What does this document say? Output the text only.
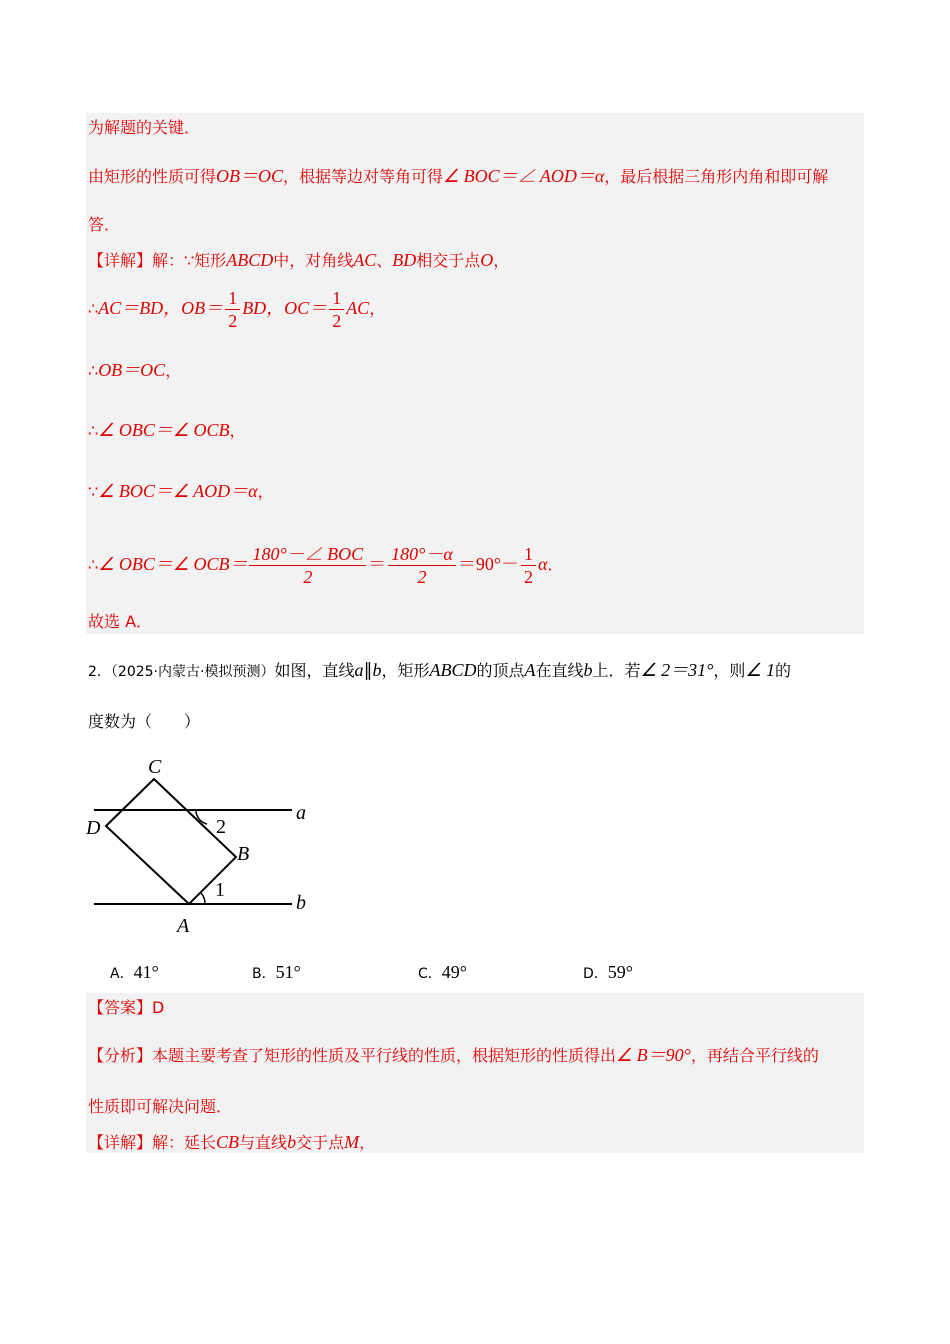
为解题的关键．
由矩形的性质可得OB＝OC，根据等边对等角可得∠ BOC＝∠ AOD＝α，最后根据三角形内角和即可解
答．
【详解】解：∵矩形ABCD中，对角线AC、BD相交于点O，
∴AC＝BD，$OB= \frac{1}{2}$ BD，$OC= \frac{1}{2}$ AC，
∴OB＝OC，
∴∠ OBC＝∠ OCB，
∵∠ BOC＝∠ AOD＝α，
∴∠ OBC＝∠ $OCB= \frac{\text{180°－∠ BOC}}{2} = \frac{180^\circ-\alpha}{2} =90^\circ- \frac{1}{2}$ α．
故选 A．
2．（2025·内蒙古·模拟预测）如图，直线a∥b，矩形ABCD的顶点A在直线b上．若∠ 2＝31°，则∠ 1的
度数为（　　）
C
D
B
A
a
b
1
2
A．41°	B．51°	C．49°	D．59°
【答案】D
【分析】本题主要考查了矩形的性质及平行线的性质，根据矩形的性质得出∠ B＝90°，再结合平行线的
性质即可解决问题．
【详解】解：延长CB与直线b交于点M，
